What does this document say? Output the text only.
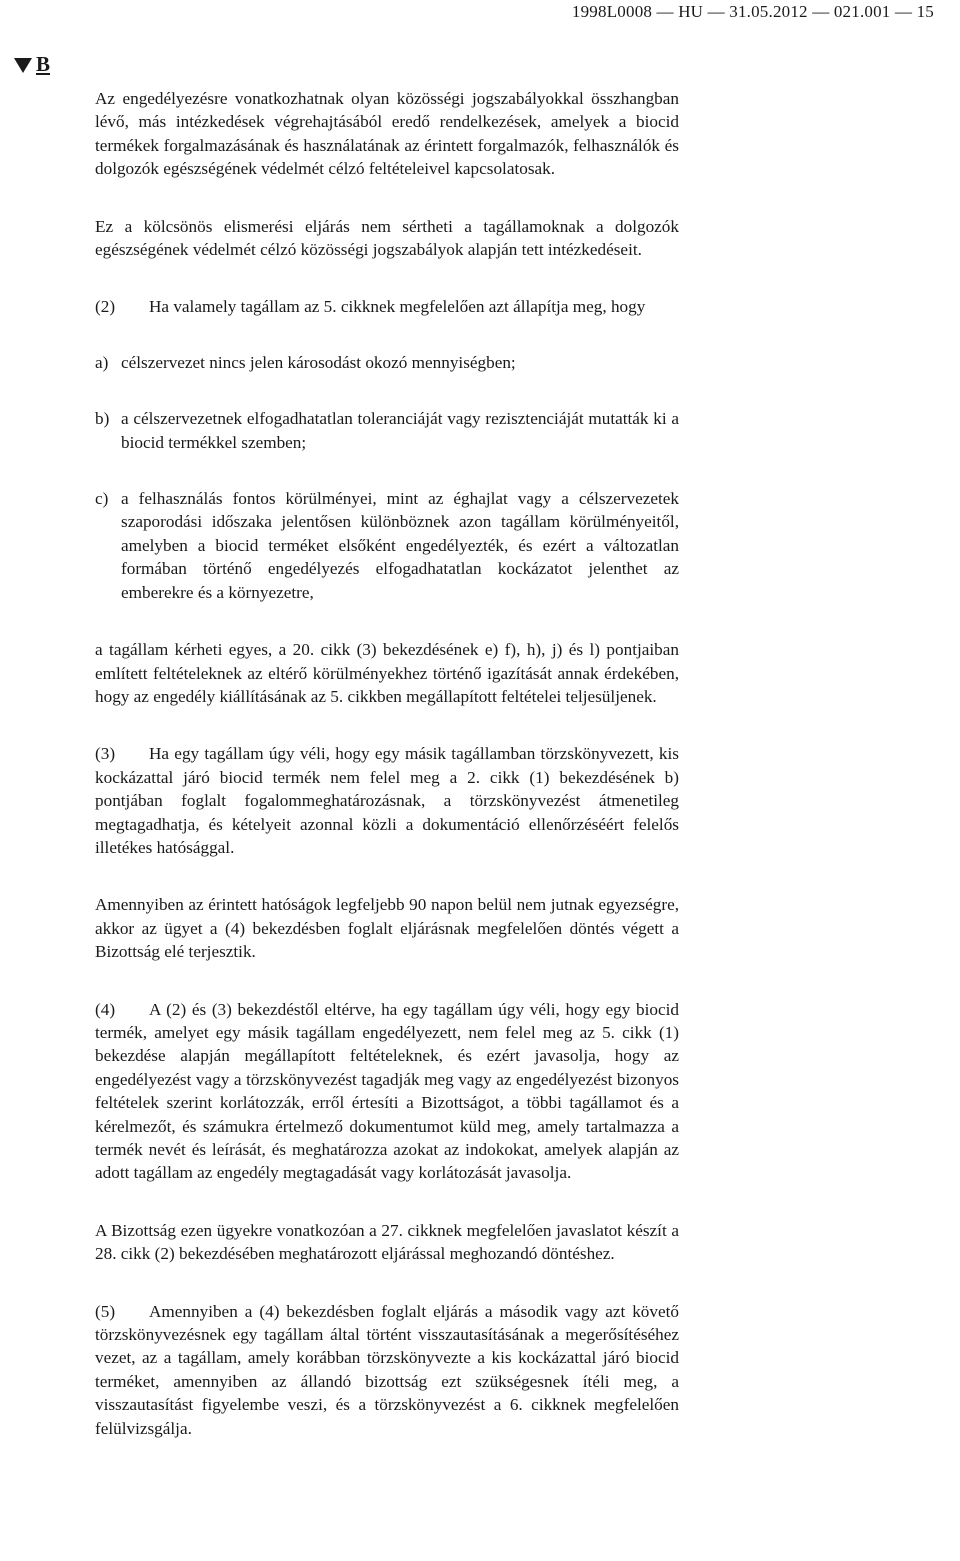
1998L0008 — HU — 31.05.2012 — 021.001 — 15
B

Az engedélyezésre vonatkozhatnak olyan közösségi jogszabályokkal összhangban lévő, más intézkedések végrehajtásából eredő rendelkezések, amelyek a biocid termékek forgalmazásának és használatának az érintett forgalmazók, felhasználók és dolgozók egészségének védelmét célzó feltételeivel kapcsolatosak.

Ez a kölcsönös elismerési eljárás nem sértheti a tagállamoknak a dolgozók egészségének védelmét célzó közösségi jogszabályok alapján tett intézkedéseit.

(2) Ha valamely tagállam az 5. cikknek megfelelően azt állapítja meg, hogy

a) célszervezet nincs jelen károsodást okozó mennyiségben;
b) a célszervezetnek elfogadhatatlan toleranciáját vagy rezisztenciáját mutatták ki a biocid termékkel szemben;
c) a felhasználás fontos körülményei, mint az éghajlat vagy a célszervezetek szaporodási időszaka jelentősen különböznek azon tagállam körülményeitől, amelyben a biocid terméket elsőként engedélyezték, és ezért a változatlan formában történő engedélyezés elfogadhatatlan kockázatot jelenthet az emberekre és a környezetre,

a tagállam kérheti egyes, a 20. cikk (3) bekezdésének e) f), h), j) és l) pontjaiban említett feltételeknek az eltérő körülményekhez történő igazítását annak érdekében, hogy az engedély kiállításának az 5. cikkben megállapított feltételei teljesüljenek.

(3) Ha egy tagállam úgy véli, hogy egy másik tagállamban törzskönyvezett, kis kockázattal járó biocid termék nem felel meg a 2. cikk (1) bekezdésének b) pontjában foglalt fogalommeghatározásnak, a törzskönyvezést átmenetileg megtagadhatja, és kételyeit azonnal közli a dokumentáció ellenőrzéséért felelős illetékes hatósággal.

Amennyiben az érintett hatóságok legfeljebb 90 napon belül nem jutnak egyezségre, akkor az ügyet a (4) bekezdésben foglalt eljárásnak megfelelően döntés végett a Bizottság elé terjesztik.

(4) A (2) és (3) bekezdéstől eltérve, ha egy tagállam úgy véli, hogy egy biocid termék, amelyet egy másik tagállam engedélyezett, nem felel meg az 5. cikk (1) bekezdése alapján megállapított feltételeknek, és ezért javasolja, hogy az engedélyezést vagy a törzskönyvezést tagadják meg vagy az engedélyezést bizonyos feltételek szerint korlátozzák, erről értesíti a Bizottságot, a többi tagállamot és a kérelmezőt, és számukra értelmező dokumentumot küld meg, amely tartalmazza a termék nevét és leírását, és meghatározza azokat az indokokat, amelyek alapján az adott tagállam az engedély megtagadását vagy korlátozását javasolja.

A Bizottság ezen ügyekre vonatkozóan a 27. cikknek megfelelően javaslatot készít a 28. cikk (2) bekezdésében meghatározott eljárással meghozandó döntéshez.

(5) Amennyiben a (4) bekezdésben foglalt eljárás a második vagy azt követő törzskönyvezésnek egy tagállam által történt visszautasításának a megerősítéséhez vezet, az a tagállam, amely korábban törzskönyvezte a kis kockázattal járó biocid terméket, amennyiben az állandó bizottság ezt szükségesnek ítéli meg, a visszautasítást figyelembe veszi, és a törzskönyvezést a 6. cikknek megfelelően felülvizsgálja.
